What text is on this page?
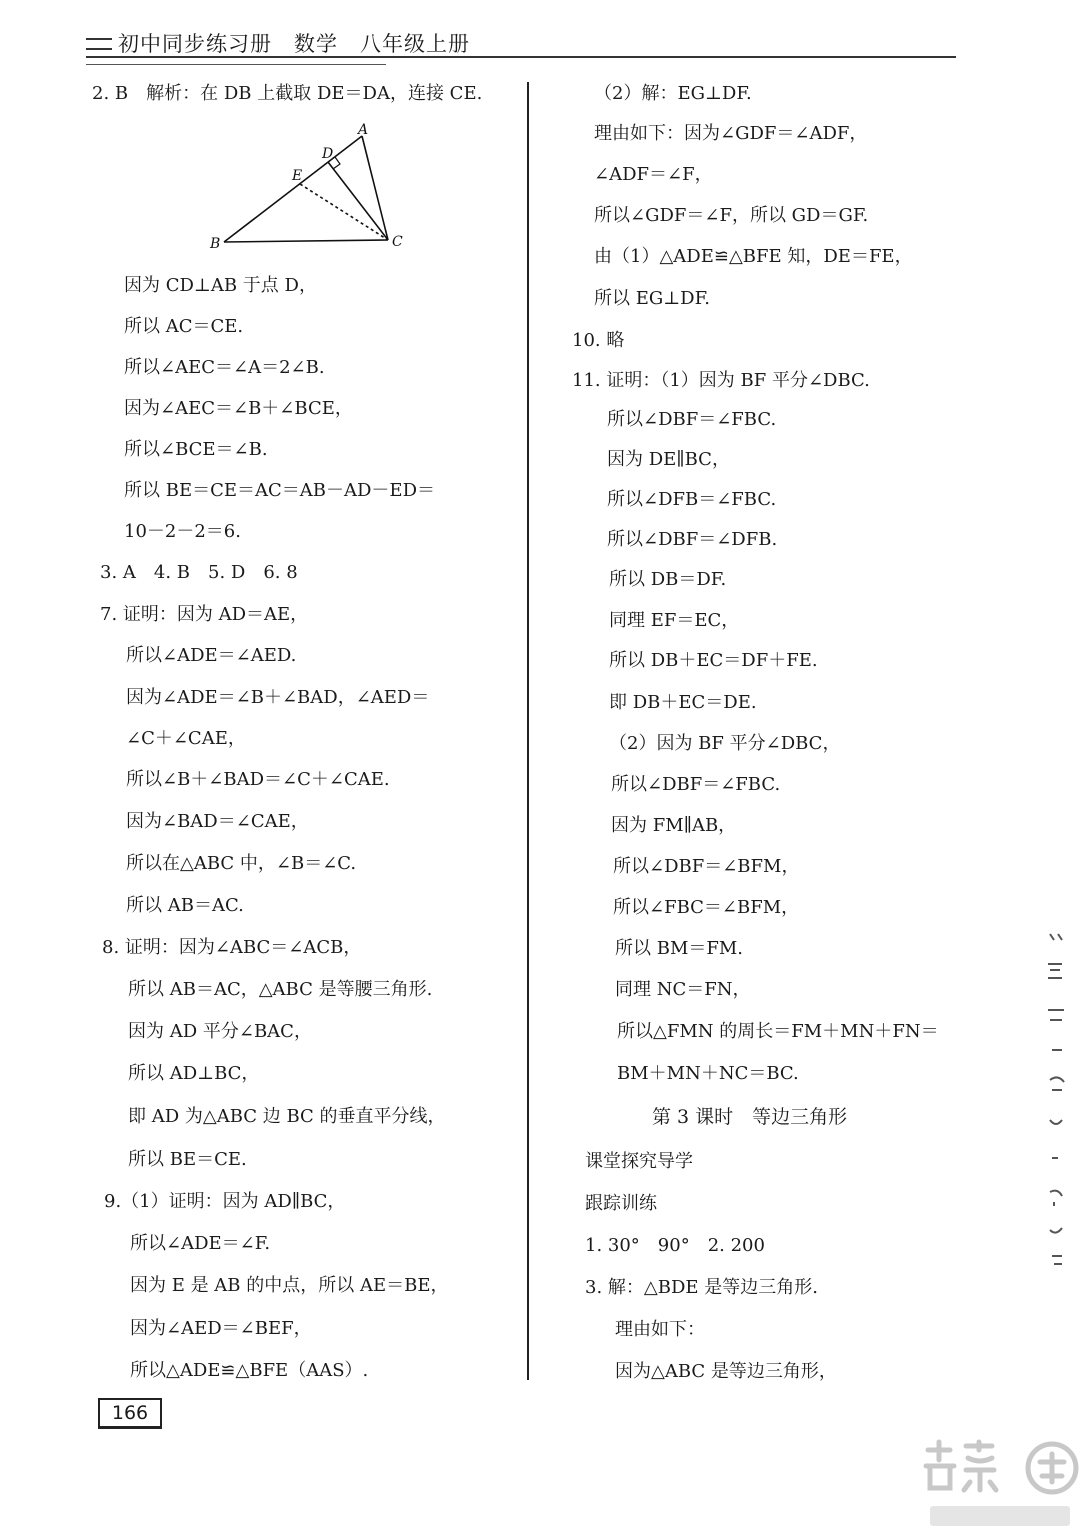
初中同步练习册　数学　八年级上册
2. B　解析：在 DB 上截取 DE＝DA，连接 CE.
因为 CD⊥AB 于点 D，
所以 AC＝CE.
所以∠AEC＝∠A＝2∠B.
因为∠AEC＝∠B＋∠BCE，
所以∠BCE＝∠B.
所以 BE＝CE＝AC＝AB－AD－ED＝
10－2－2＝6.
3. A　4. B　5. D　6. 8
7. 证明：因为 AD＝AE，
所以∠ADE＝∠AED.
因为∠ADE＝∠B＋∠BAD，∠AED＝
∠C＋∠CAE，
所以∠B＋∠BAD＝∠C＋∠CAE.
因为∠BAD＝∠CAE，
所以在△ABC 中，∠B＝∠C.
所以 AB＝AC.
8. 证明：因为∠ABC＝∠ACB，
所以 AB＝AC，△ABC 是等腰三角形.
因为 AD 平分∠BAC，
所以 AD⊥BC，
即 AD 为△ABC 边 BC 的垂直平分线，
所以 BE＝CE.
9.（1）证明：因为 AD∥BC，
所以∠ADE＝∠F.
因为 E 是 AB 的中点，所以 AE＝BE，
因为∠AED＝∠BEF，
所以△ADE≌△BFE（AAS）.
A
B	C
D
E
（2）解：EG⊥DF.
理由如下：因为∠GDF＝∠ADF，
∠ADF＝∠F，
所以∠GDF＝∠F，所以 GD＝GF.
由（1）△ADE≌△BFE 知，DE＝FE，
所以 EG⊥DF.
10. 略
11. 证明：（1）因为 BF 平分∠DBC.
所以∠DBF＝∠FBC.
因为 DE∥BC，
所以∠DFB＝∠FBC.
所以∠DBF＝∠DFB.
所以 DB＝DF.
同理 EF＝EC，
所以 DB＋EC＝DF＋FE.
即 DB＋EC＝DE.
（2）因为 BF 平分∠DBC，
所以∠DBF＝∠FBC.
因为 FM∥AB，
所以∠DBF＝∠BFM，
所以∠FBC＝∠BFM，
所以 BM＝FM.
同理 NC＝FN，
所以△FMN 的周长＝FM＋MN＋FN＝
BM＋MN＋NC＝BC.
第 3 课时　等边三角形
课堂探究导学
跟踪训练
1. 30°　90°　2. 200
3. 解：△BDE 是等边三角形.
理由如下：
因为△ABC 是等边三角形，
166
